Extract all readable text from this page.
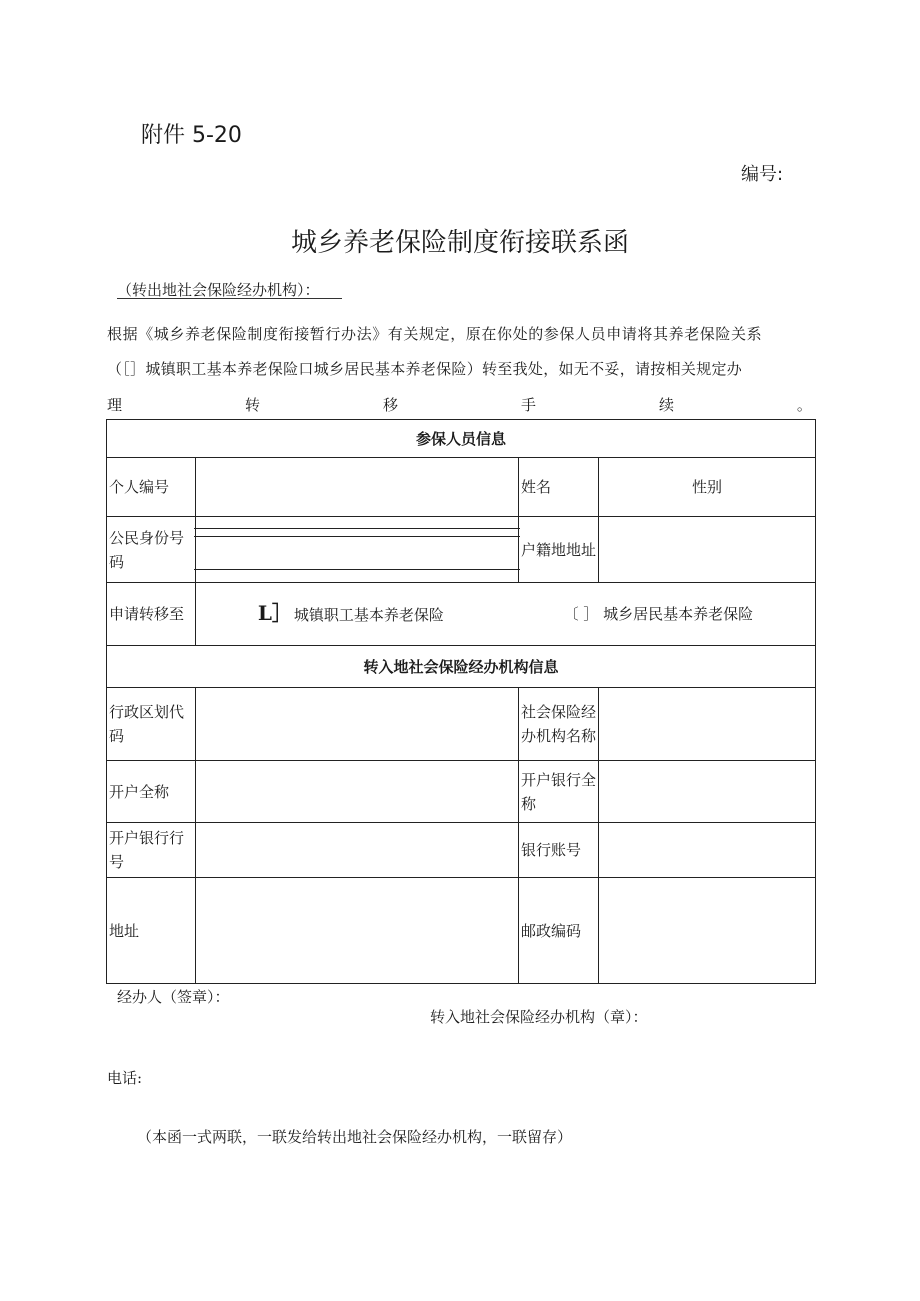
附件 5-20
编号:
城乡养老保险制度衔接联系函
（转出地社会保险经办机构）：
根据《城乡养老保险制度衔接暂行办法》有关规定，原在你处的参保人员申请将其养老保险关系
（［］城镇职工基本养老保险口城乡居民基本养老保险）转至我处，如无不妥，请按相关规定办
理	转	移	手	续	。
参保人员信息			
个人编号		姓名	性别
公民身份号码		户籍地地址	
申请转移至	L］ 城镇职工基本养老保险 〔 ］ 城乡居民基本养老保险		

转入地社会保险经办机构信息			
行政区划代码		社会保险经办机构名称	
开户全称		开户银行全称	
开户银行行号		银行账号	
地址		邮政编码	
经办人（签章）：
转入地社会保险经办机构（章）：
电话:
（本函一式两联，一联发给转出地社会保险经办机构，一联留存）
